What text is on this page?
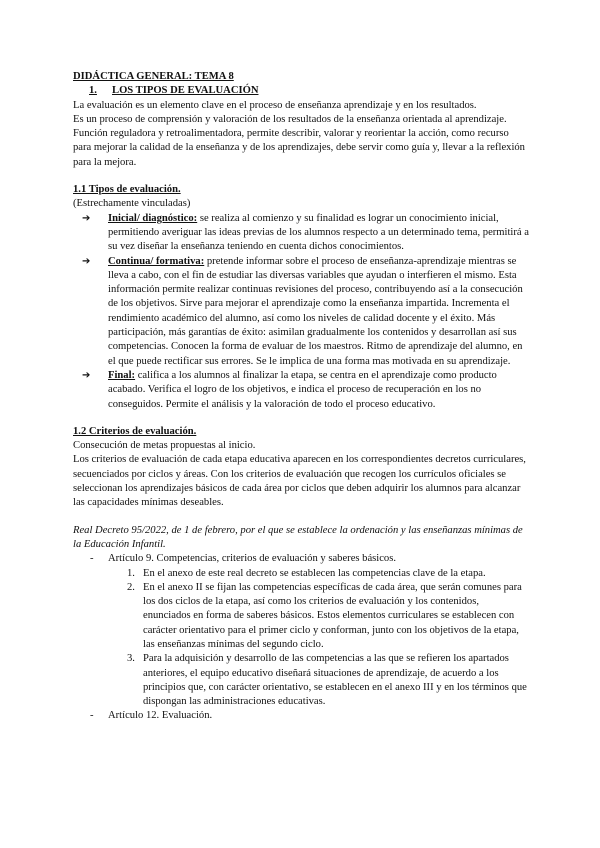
DIDÁCTICA GENERAL: TEMA 8

1. LOS TIPOS DE EVALUACIÓN

La evaluación es un elemento clave en el proceso de enseñanza aprendizaje y en los resultados.

Es un proceso de comprensión y valoración de los resultados de la enseñanza orientada al aprendizaje.

Función reguladora y retroalimentadora, permite describir, valorar y reorientar la acción, como recurso para mejorar la calidad de la enseñanza y de los aprendizajes, debe servir como guía y, llevar a la reflexión para la mejora.

1.1 Tipos de evaluación.

(Estrechamente vinculadas)

➔ Inicial/ diagnóstico: se realiza al comienzo y su finalidad es lograr un conocimiento inicial, permitiendo averiguar las ideas previas de los alumnos respecto a un determinado tema, permitirá a su vez diseñar la enseñanza teniendo en cuenta dichos conocimientos.
➔ Continua/ formativa: pretende informar sobre el proceso de enseñanza-aprendizaje mientras se lleva a cabo, con el fin de estudiar las diversas variables que ayudan o interfieren el mismo. Esta información permite realizar continuas revisiones del proceso, contribuyendo así a la consecución de los objetivos. Sirve para mejorar el aprendizaje como la enseñanza impartida. Incrementa el rendimiento académico del alumno, así como los niveles de calidad docente y el éxito. Más participación, más garantías de éxito: asimilan gradualmente los contenidos y desarrollan así sus competencias. Conocen la forma de evaluar de los maestros. Ritmo de aprendizaje del alumno, en el que puede rectificar sus errores. Se le implica de una forma mas motivada en su aprendizaje.
➔ Final: califica a los alumnos al finalizar la etapa, se centra en el aprendizaje como producto acabado. Verifica el logro de los objetivos, e indica el proceso de recuperación en los no conseguidos. Permite el análisis y la valoración de todo el proceso educativo.

1.2 Criterios de evaluación.

Consecución de metas propuestas al inicio.

Los criterios de evaluación de cada etapa educativa aparecen en los correspondientes decretos curriculares, secuenciados por ciclos y áreas. Con los criterios de evaluación que recogen los currículos oficiales se seleccionan los aprendizajes básicos de cada área por ciclos que deben adquirir los alumnos para alcanzar las capacidades mínimas deseables.

Real Decreto 95/2022, de 1 de febrero, por el que se establece la ordenación y las enseñanzas mínimas de la Educación Infantil.

- Artículo 9. Competencias, criterios de evaluación y saberes básicos.
1. En el anexo de este real decreto se establecen las competencias clave de la etapa.
2. En el anexo II se fijan las competencias específicas de cada área, que serán comunes para los dos ciclos de la etapa, así como los criterios de evaluación y los contenidos, enunciados en forma de saberes básicos. Estos elementos curriculares se establecen con carácter orientativo para el primer ciclo y conforman, junto con los objetivos de la etapa, las enseñanzas mínimas del segundo ciclo.
3. Para la adquisición y desarrollo de las competencias a las que se refieren los apartados anteriores, el equipo educativo diseñará situaciones de aprendizaje, de acuerdo a los principios que, con carácter orientativo, se establecen en el anexo III y en los términos que dispongan las administraciones educativas.
- Artículo 12. Evaluación.
